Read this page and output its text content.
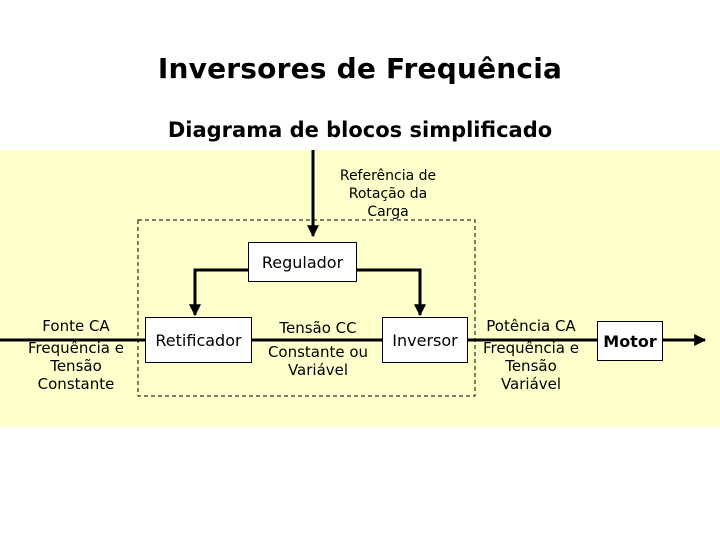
Inversores de Frequência
Diagrama de blocos simplificado
Referência de
Rotação da
Carga
Regulador
Fonte CA
Frequência e
Tensão
Constante
Retificador
Tensão CC
Constante ou
Variável
Inversor
Potência CA
Frequência e
Tensão
Variável
Motor
